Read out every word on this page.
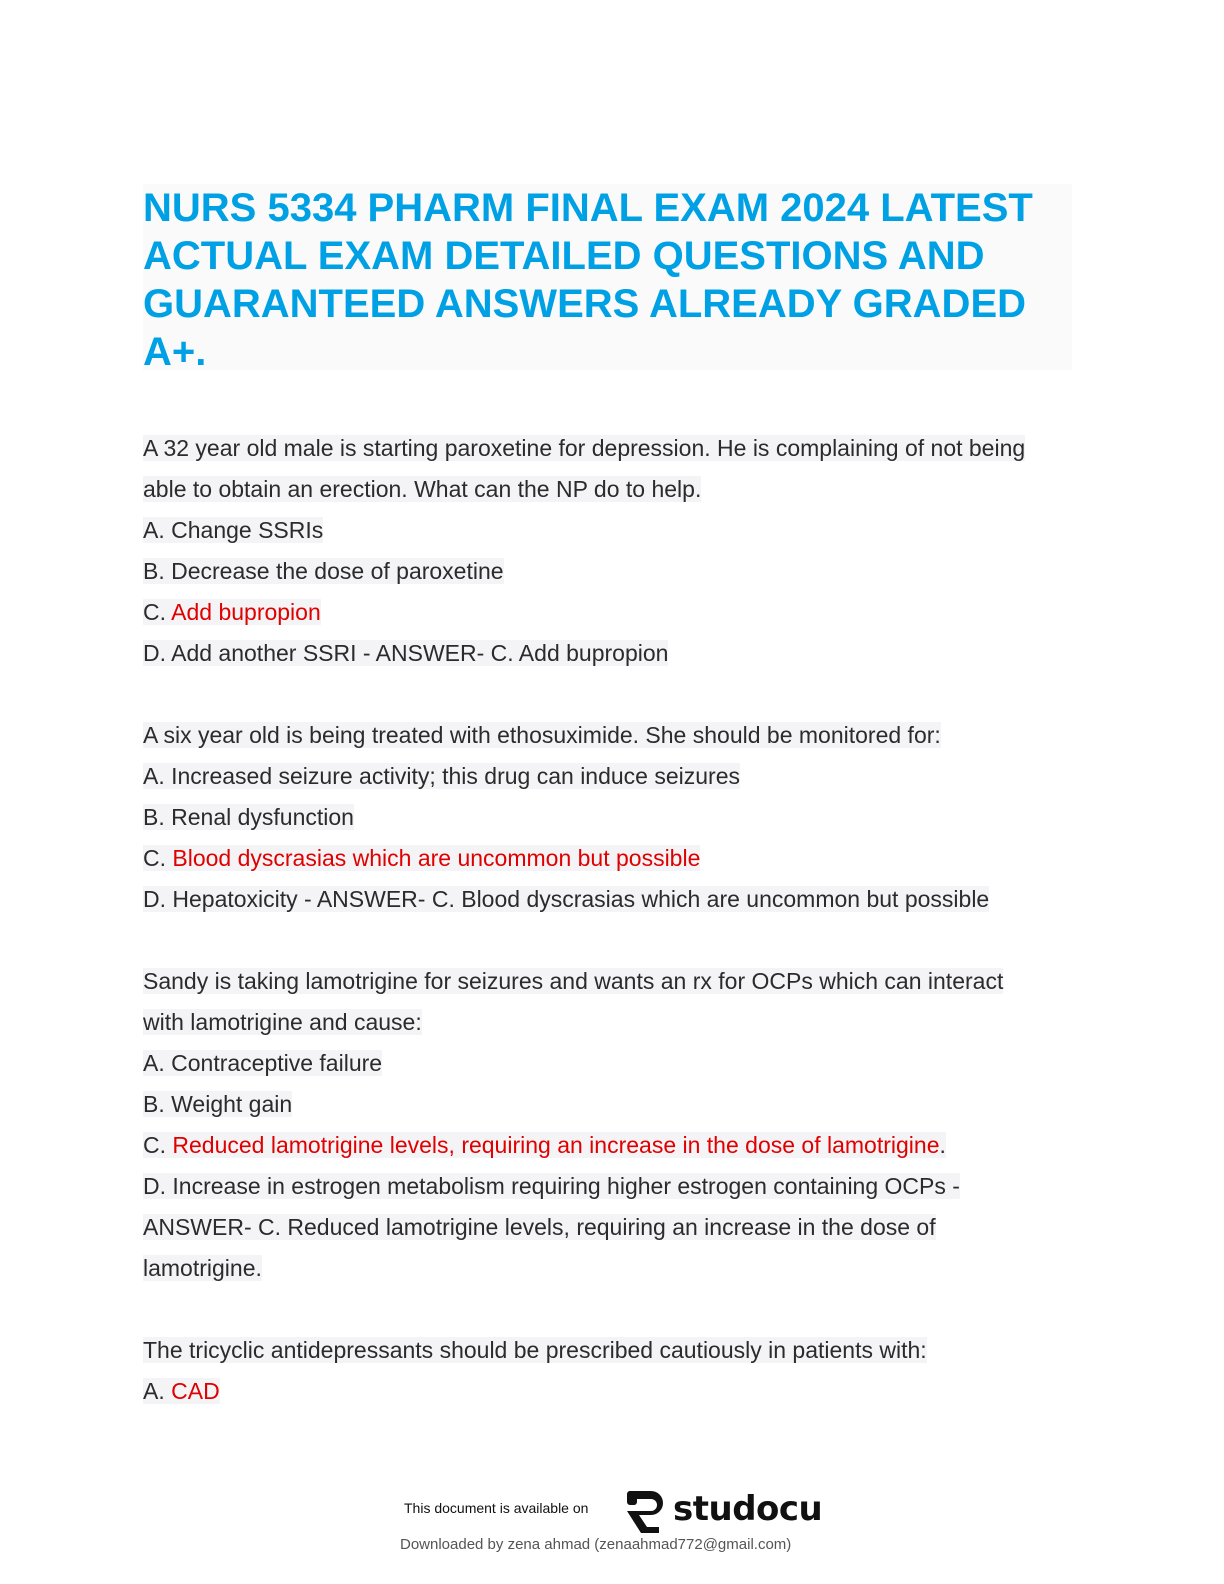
NURS 5334 PHARM FINAL EXAM 2024 LATEST
ACTUAL EXAM DETAILED QUESTIONS AND
GUARANTEED ANSWERS ALREADY GRADED
A+.
A 32 year old male is starting paroxetine for depression. He is complaining of not being
able to obtain an erection. What can the NP do to help.
A. Change SSRIs
B. Decrease the dose of paroxetine
C. Add bupropion
D. Add another SSRI - ANSWER- C. Add bupropion
A six year old is being treated with ethosuximide. She should be monitored for:
A. Increased seizure activity; this drug can induce seizures
B. Renal dysfunction
C. Blood dyscrasias which are uncommon but possible
D. Hepatoxicity - ANSWER- C. Blood dyscrasias which are uncommon but possible
Sandy is taking lamotrigine for seizures and wants an rx for OCPs which can interact
with lamotrigine and cause:
A. Contraceptive failure
B. Weight gain
C. Reduced lamotrigine levels, requiring an increase in the dose of lamotrigine.
D. Increase in estrogen metabolism requiring higher estrogen containing OCPs -
ANSWER- C. Reduced lamotrigine levels, requiring an increase in the dose of
lamotrigine.
The tricyclic antidepressants should be prescribed cautiously in patients with:
A. CAD
This document is available on studocu
Downloaded by zena ahmad (zenaahmad772@gmail.com)
